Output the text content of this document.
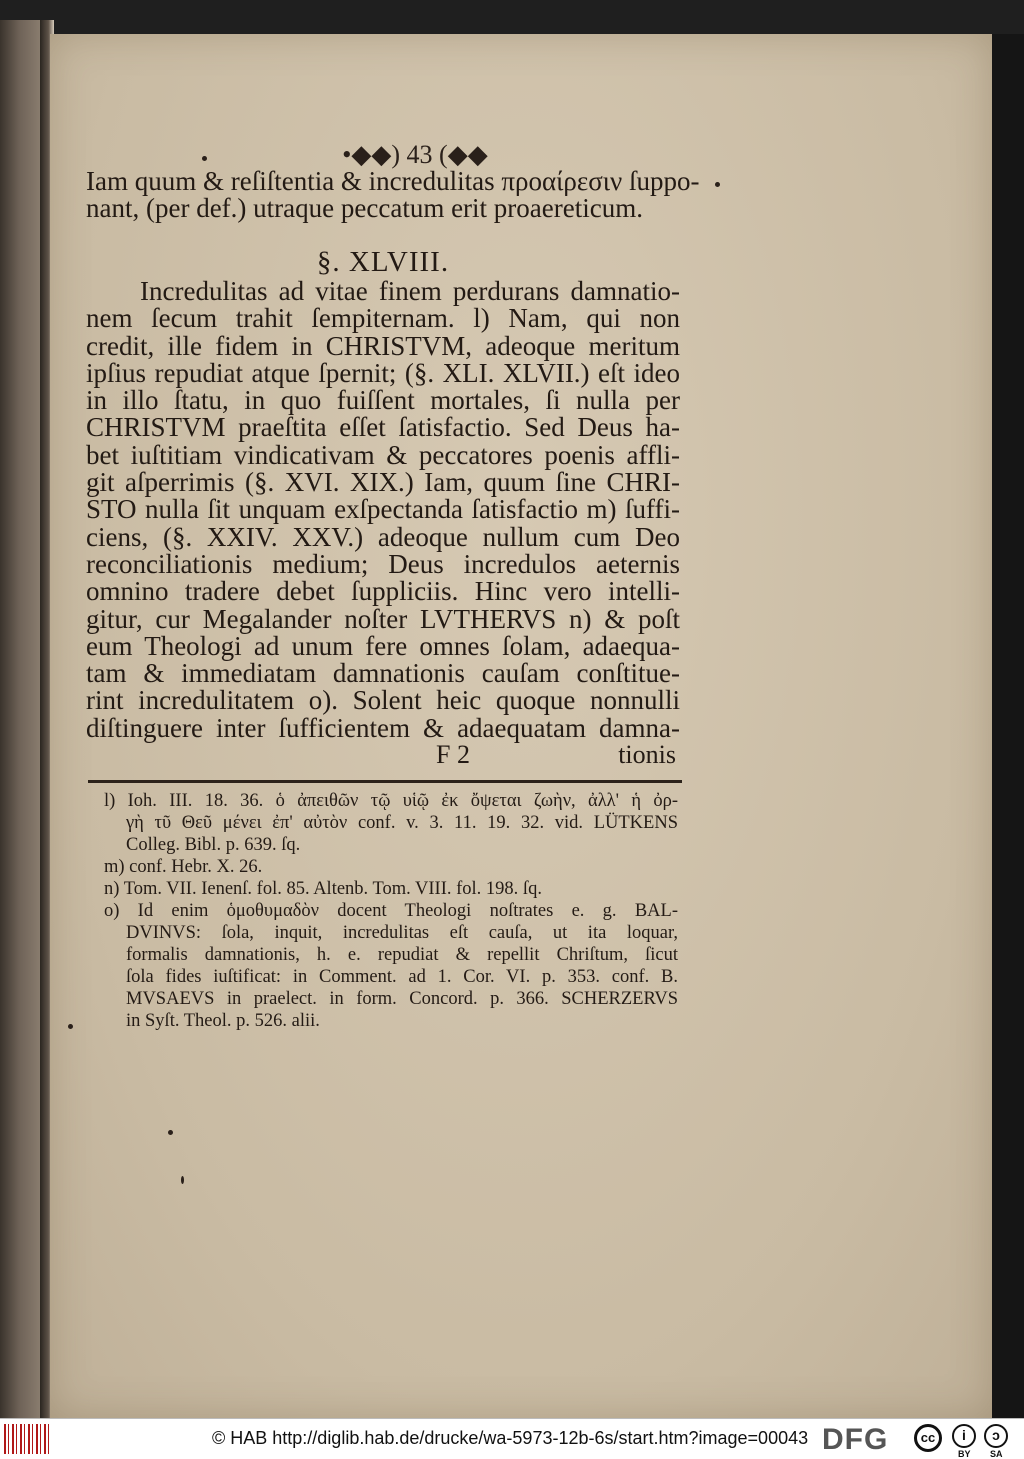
•◆◆) 43 (◆◆
Iam quum & reſiſtentia & incredulitas προαίρεσιν ſuppo-
nant, (per def.) utraque peccatum erit proaereticum.
§. XLVIII.
Incredulitas ad vitae finem perdurans damnatio-
nem ſecum trahit ſempiternam. l) Nam, qui non
credit, ille fidem in CHRISTVM, adeoque meritum
ipſius repudiat atque ſpernit; (§. XLI. XLVII.) eſt ideo
in illo ſtatu, in quo fuiſſent mortales, ſi nulla per
CHRISTVM praeſtita eſſet ſatisfactio. Sed Deus ha-
bet iuſtitiam vindicativam & peccatores poenis affli-
git aſperrimis (§. XVI. XIX.) Iam, quum ſine CHRI-
STO nulla ſit unquam exſpectanda ſatisfactio m) ſuffi-
ciens, (§. XXIV. XXV.) adeoque nullum cum Deo
reconciliationis medium; Deus incredulos aeternis
omnino tradere debet ſuppliciis. Hinc vero intelli-
gitur, cur Megalander noſter LVTHERVS n) & poſt
eum Theologi ad unum fere omnes ſolam, adaequa-
tam & immediatam damnationis cauſam conſtitue-
rint incredulitatem o). Solent heic quoque nonnulli
diſtinguere inter ſufficientem & adaequatam damna-
F 2	tionis
l) Ioh. III. 18. 36. ὁ ἀπειθῶν τῷ υἱῷ ἐκ ὄψεται ζωὴν, ἀλλ' ἡ ὀρ-
γὴ τῦ Θεῦ μένει ἐπ' αὐτὸν conf. v. 3. 11. 19. 32. vid. LÜTKENS
Colleg. Bibl. p. 639. ſq.
m) conf. Hebr. X. 26.
n) Tom. VII. Ienenſ. fol. 85. Altenb. Tom. VIII. fol. 198. ſq.
o) Id enim ὁμοθυμαδὸν docent Theologi noſtrates e. g. BAL-
DVINVS: ſola, inquit, incredulitas eſt cauſa, ut ita loquar,
formalis damnationis, h. e. repudiat & repellit Chriſtum, ſicut
ſola fides iuſtificat: in Comment. ad 1. Cor. VI. p. 353. conf. B.
MVSAEVS in praelect. in form. Concord. p. 366. SCHERZERVS
in Syſt. Theol. p. 526. alii.
© HAB http://diglib.hab.de/drucke/wa-5973-12b-6s/start.htm?image=00043 DFG	cc	i	ↄ
BY SA
